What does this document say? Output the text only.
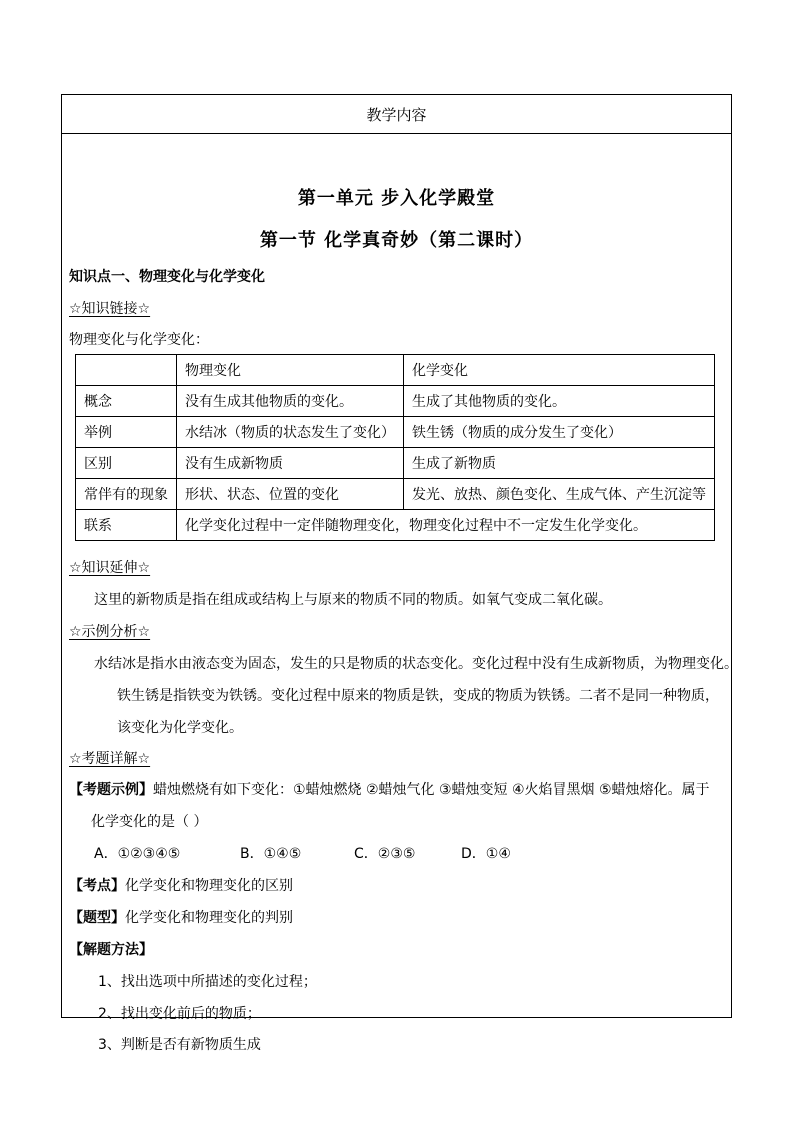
教学内容
第一单元 步入化学殿堂
第一节 化学真奇妙（第二课时）
知识点一、物理变化与化学变化
☆知识链接☆
物理变化与化学变化：
	物理变化	化学变化
概念	没有生成其他物质的变化。	生成了其他物质的变化。
举例	水结冰（物质的状态发生了变化）	铁生锈（物质的成分发生了变化）
区别	没有生成新物质	生成了新物质
常伴有的现象	形状、状态、位置的变化	发光、放热、颜色变化、生成气体、产生沉淀等
联系	化学变化过程中一定伴随物理变化，物理变化过程中不一定发生化学变化。	
☆知识延伸☆
这里的新物质是指在组成或结构上与原来的物质不同的物质。如氧气变成二氧化碳。
☆示例分析☆
水结冰是指水由液态变为固态，发生的只是物质的状态变化。变化过程中没有生成新物质，为物理变化。
铁生锈是指铁变为铁锈。变化过程中原来的物质是铁，变成的物质为铁锈。二者不是同一种物质，
该变化为化学变化。
☆考题详解☆
【考题示例】蜡烛燃烧有如下变化：①蜡烛燃烧 ②蜡烛气化 ③蜡烛变短 ④火焰冒黑烟 ⑤蜡烛熔化。属于
化学变化的是（ ）
A．①②③④⑤	B．①④⑤	C．②③⑤	D．①④
【考点】化学变化和物理变化的区别
【题型】化学变化和物理变化的判别
【解题方法】
1、找出选项中所描述的变化过程；
2、找出变化前后的物质；
3、判断是否有新物质生成
